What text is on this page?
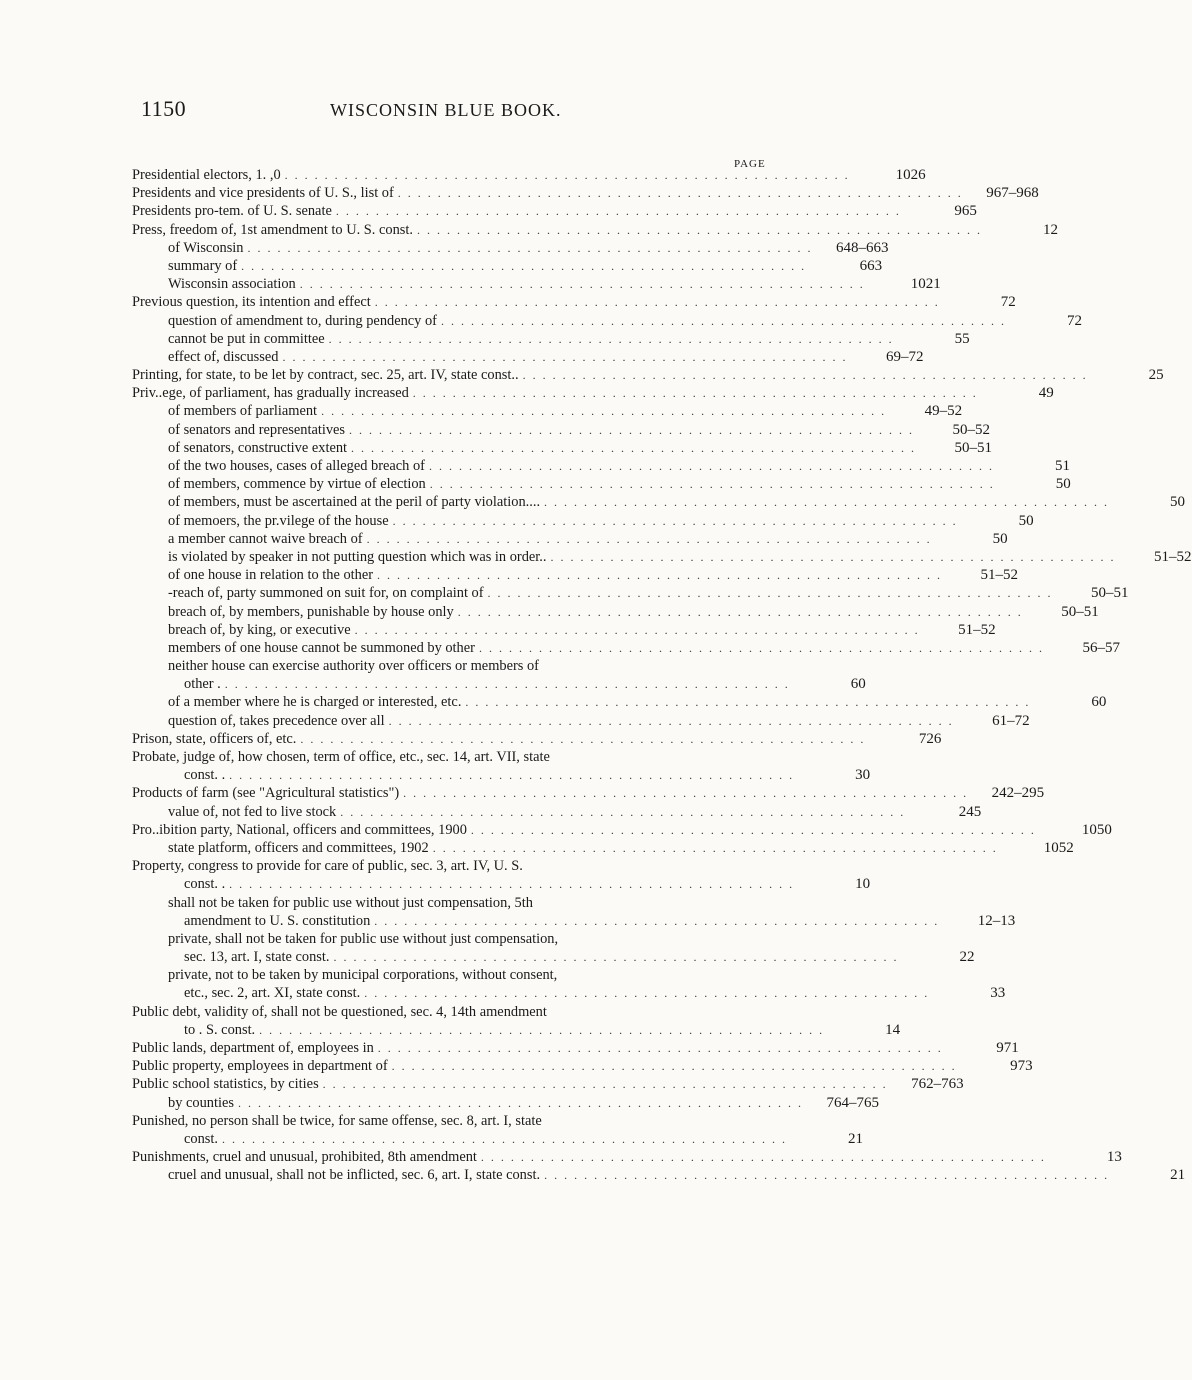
1150	WISCONSIN BLUE BOOK.
PAGE
Presidential electors, 1. ,0 . . . . . . . . . . . . . . . . . . . . . . . . . . . . . . . . . . . . . . . . . . . . . . . . . . . . . . . . .	1026
Presidents and vice presidents of U. S., list of . . . . . . . . . . . . . . . . . . . . . . . . . . . . . . . . . . . . . . . . . . . . . . . . . . . . . . . . .	967–968
Presidents pro-tem. of U. S. senate . . . . . . . . . . . . . . . . . . . . . . . . . . . . . . . . . . . . . . . . . . . . . . . . . . . . . . . . .	965
Press, freedom of, 1st amendment to U. S. const. . . . . . . . . . . . . . . . . . . . . . . . . . . . . . . . . . . . . . . . . . . . . . . . . . . . . . . . . .	12
of Wisconsin . . . . . . . . . . . . . . . . . . . . . . . . . . . . . . . . . . . . . . . . . . . . . . . . . . . . . . . . .	648–663
summary of . . . . . . . . . . . . . . . . . . . . . . . . . . . . . . . . . . . . . . . . . . . . . . . . . . . . . . . . .	663
Wisconsin association . . . . . . . . . . . . . . . . . . . . . . . . . . . . . . . . . . . . . . . . . . . . . . . . . . . . . . . . .	1021
Previous question, its intention and effect . . . . . . . . . . . . . . . . . . . . . . . . . . . . . . . . . . . . . . . . . . . . . . . . . . . . . . . . .	72
question of amendment to, during pendency of . . . . . . . . . . . . . . . . . . . . . . . . . . . . . . . . . . . . . . . . . . . . . . . . . . . . . . . . .	72
cannot be put in committee . . . . . . . . . . . . . . . . . . . . . . . . . . . . . . . . . . . . . . . . . . . . . . . . . . . . . . . . .	55
effect of, discussed . . . . . . . . . . . . . . . . . . . . . . . . . . . . . . . . . . . . . . . . . . . . . . . . . . . . . . . . .	69–72
Printing, for state, to be let by contract, sec. 25, art. IV, state const.. . . . . . . . . . . . . . . . . . . . . . . . . . . . . . . . . . . . . . . . . . . . . . . . . . . . . . . . . .	25
Priv..ege, of parliament, has gradually increased . . . . . . . . . . . . . . . . . . . . . . . . . . . . . . . . . . . . . . . . . . . . . . . . . . . . . . . . .	49
of members of parliament . . . . . . . . . . . . . . . . . . . . . . . . . . . . . . . . . . . . . . . . . . . . . . . . . . . . . . . . .	49–52
of senators and representatives . . . . . . . . . . . . . . . . . . . . . . . . . . . . . . . . . . . . . . . . . . . . . . . . . . . . . . . . .	50–52
of senators, constructive extent . . . . . . . . . . . . . . . . . . . . . . . . . . . . . . . . . . . . . . . . . . . . . . . . . . . . . . . . .	50–51
of the two houses, cases of alleged breach of . . . . . . . . . . . . . . . . . . . . . . . . . . . . . . . . . . . . . . . . . . . . . . . . . . . . . . . . .	51
of members, commence by virtue of election . . . . . . . . . . . . . . . . . . . . . . . . . . . . . . . . . . . . . . . . . . . . . . . . . . . . . . . . .	50
of members, must be ascertained at the peril of party violation.... . . . . . . . . . . . . . . . . . . . . . . . . . . . . . . . . . . . . . . . . . . . . . . . . . . . . . . . . .	50
of memoers, the pr.vilege of the house . . . . . . . . . . . . . . . . . . . . . . . . . . . . . . . . . . . . . . . . . . . . . . . . . . . . . . . . .	50
a member cannot waive breach of . . . . . . . . . . . . . . . . . . . . . . . . . . . . . . . . . . . . . . . . . . . . . . . . . . . . . . . . .	50
is violated by speaker in not putting question which was in order.. . . . . . . . . . . . . . . . . . . . . . . . . . . . . . . . . . . . . . . . . . . . . . . . . . . . . . . . . .	51–52
of one house in relation to the other . . . . . . . . . . . . . . . . . . . . . . . . . . . . . . . . . . . . . . . . . . . . . . . . . . . . . . . . .	51–52
-reach of, party summoned on suit for, on complaint of . . . . . . . . . . . . . . . . . . . . . . . . . . . . . . . . . . . . . . . . . . . . . . . . . . . . . . . . .	50–51
breach of, by members, punishable by house only . . . . . . . . . . . . . . . . . . . . . . . . . . . . . . . . . . . . . . . . . . . . . . . . . . . . . . . . .	50–51
breach of, by king, or executive . . . . . . . . . . . . . . . . . . . . . . . . . . . . . . . . . . . . . . . . . . . . . . . . . . . . . . . . .	51–52
members of one house cannot be summoned by other . . . . . . . . . . . . . . . . . . . . . . . . . . . . . . . . . . . . . . . . . . . . . . . . . . . . . . . . .	56–57
neither house can exercise authority over officers or members of
other . . . . . . . . . . . . . . . . . . . . . . . . . . . . . . . . . . . . . . . . . . . . . . . . . . . . . . . . . .	60
of a member where he is charged or interested, etc. . . . . . . . . . . . . . . . . . . . . . . . . . . . . . . . . . . . . . . . . . . . . . . . . . . . . . . . . .	60
question of, takes precedence over all . . . . . . . . . . . . . . . . . . . . . . . . . . . . . . . . . . . . . . . . . . . . . . . . . . . . . . . . .	61–72
Prison, state, officers of, etc. . . . . . . . . . . . . . . . . . . . . . . . . . . . . . . . . . . . . . . . . . . . . . . . . . . . . . . . . .	726
Probate, judge of, how chosen, term of office, etc., sec. 14, art. VII, state
const. . . . . . . . . . . . . . . . . . . . . . . . . . . . . . . . . . . . . . . . . . . . . . . . . . . . . . . . . . .	30
Products of farm (see "Agricultural statistics") . . . . . . . . . . . . . . . . . . . . . . . . . . . . . . . . . . . . . . . . . . . . . . . . . . . . . . . . .	242–295
value of, not fed to live stock . . . . . . . . . . . . . . . . . . . . . . . . . . . . . . . . . . . . . . . . . . . . . . . . . . . . . . . . .	245
Pro..ibition party, National, officers and committees, 1900 . . . . . . . . . . . . . . . . . . . . . . . . . . . . . . . . . . . . . . . . . . . . . . . . . . . . . . . . .	1050
state platform, officers and committees, 1902 . . . . . . . . . . . . . . . . . . . . . . . . . . . . . . . . . . . . . . . . . . . . . . . . . . . . . . . . .	1052
Property, congress to provide for care of public, sec. 3, art. IV, U. S.
const. . . . . . . . . . . . . . . . . . . . . . . . . . . . . . . . . . . . . . . . . . . . . . . . . . . . . . . . . . .	10
shall not be taken for public use without just compensation, 5th
amendment to U. S. constitution . . . . . . . . . . . . . . . . . . . . . . . . . . . . . . . . . . . . . . . . . . . . . . . . . . . . . . . . .	12–13
private, shall not be taken for public use without just compensation,
sec. 13, art. I, state const. . . . . . . . . . . . . . . . . . . . . . . . . . . . . . . . . . . . . . . . . . . . . . . . . . . . . . . . . .	22
private, not to be taken by municipal corporations, without consent,
etc., sec. 2, art. XI, state const. . . . . . . . . . . . . . . . . . . . . . . . . . . . . . . . . . . . . . . . . . . . . . . . . . . . . . . . . .	33
Public debt, validity of, shall not be questioned, sec. 4, 14th amendment
to . S. const. . . . . . . . . . . . . . . . . . . . . . . . . . . . . . . . . . . . . . . . . . . . . . . . . . . . . . . . . .	14
Public lands, department of, employees in . . . . . . . . . . . . . . . . . . . . . . . . . . . . . . . . . . . . . . . . . . . . . . . . . . . . . . . . .	971
Public property, employees in department of . . . . . . . . . . . . . . . . . . . . . . . . . . . . . . . . . . . . . . . . . . . . . . . . . . . . . . . . .	973
Public school statistics, by cities . . . . . . . . . . . . . . . . . . . . . . . . . . . . . . . . . . . . . . . . . . . . . . . . . . . . . . . . .	762–763
by counties . . . . . . . . . . . . . . . . . . . . . . . . . . . . . . . . . . . . . . . . . . . . . . . . . . . . . . . . .	764–765
Punished, no person shall be twice, for same offense, sec. 8, art. I, state
const. . . . . . . . . . . . . . . . . . . . . . . . . . . . . . . . . . . . . . . . . . . . . . . . . . . . . . . . . .	21
Punishments, cruel and unusual, prohibited, 8th amendment . . . . . . . . . . . . . . . . . . . . . . . . . . . . . . . . . . . . . . . . . . . . . . . . . . . . . . . . .	13
cruel and unusual, shall not be inflicted, sec. 6, art. I, state const. . . . . . . . . . . . . . . . . . . . . . . . . . . . . . . . . . . . . . . . . . . . . . . . . . . . . . . . . .	21
